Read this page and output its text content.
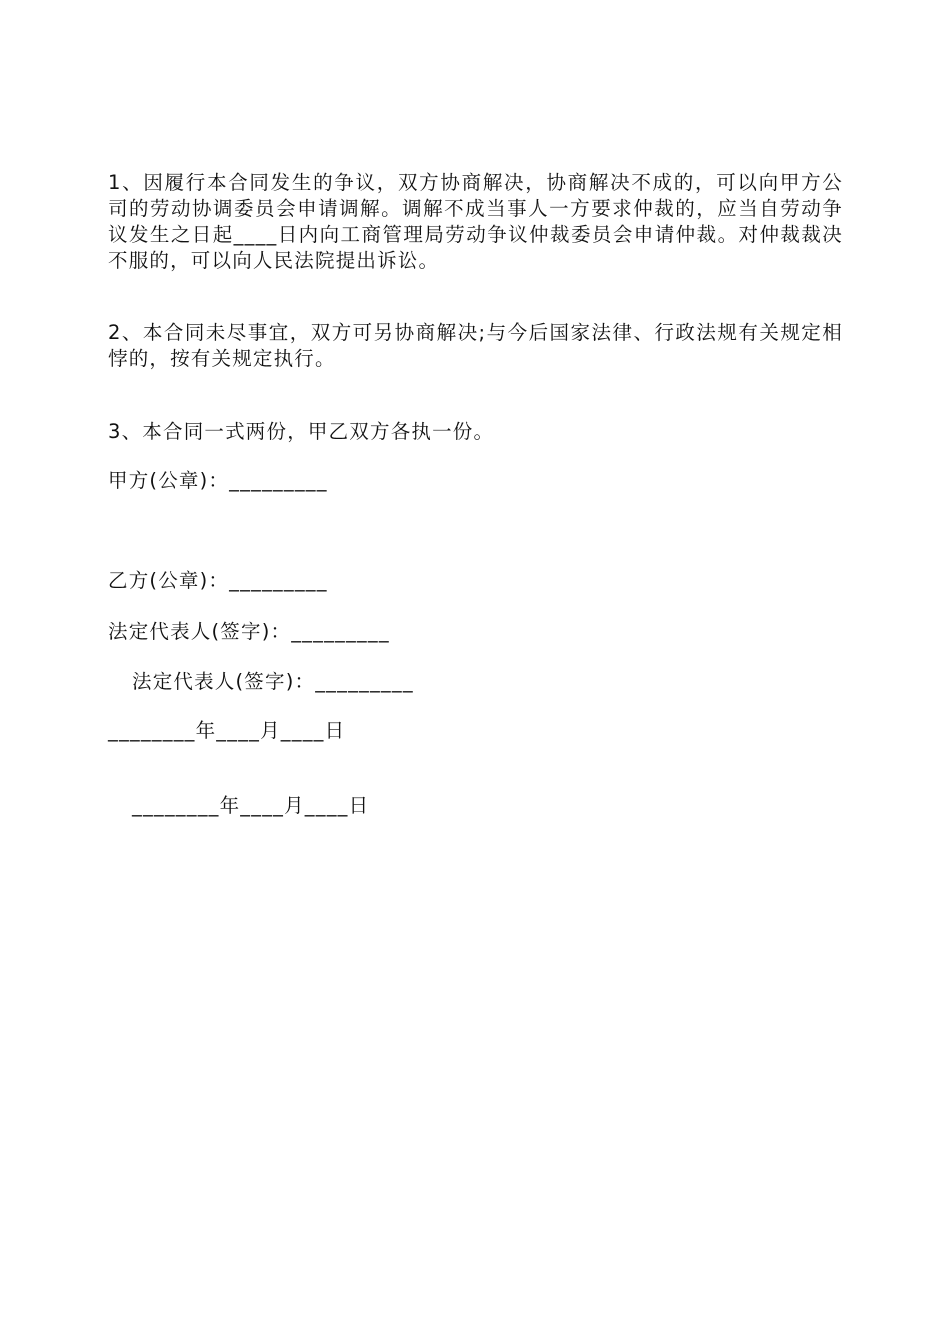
1、因履行本合同发生的争议，双方协商解决，协商解决不成的，可以向甲方公司的劳动协调委员会申请调解。调解不成当事人一方要求仲裁的，应当自劳动争议发生之日起____日内向工商管理局劳动争议仲裁委员会申请仲裁。对仲裁裁决不服的，可以向人民法院提出诉讼。

2、本合同未尽事宜，双方可另协商解决;与今后国家法律、行政法规有关规定相悖的，按有关规定执行。

3、本合同一式两份，甲乙双方各执一份。

甲方(公章)：_________

乙方(公章)：_________

法定代表人(签字)：_________

法定代表人(签字)：_________

________年____月____日

________年____月____日
